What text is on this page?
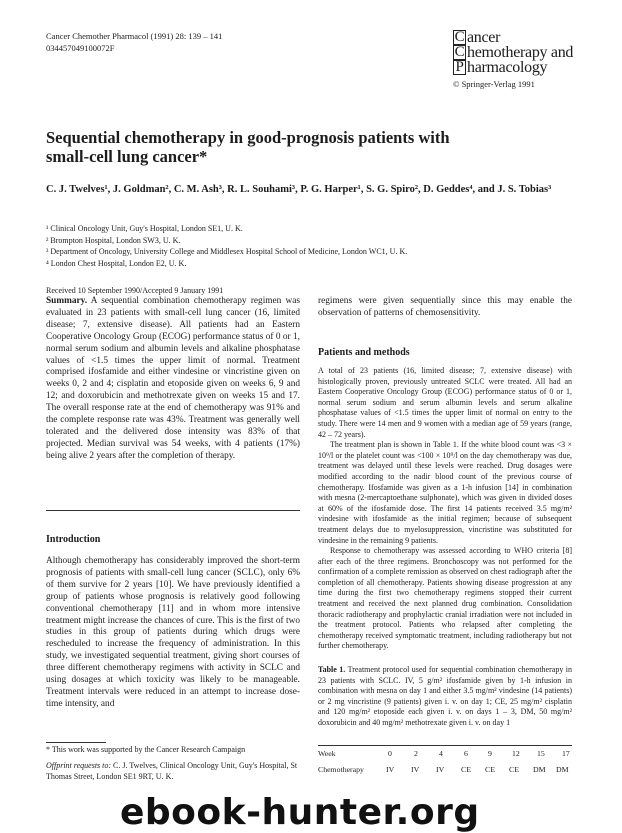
Cancer Chemother Pharmacol (1991) 28: 139 – 141
034457049100072F
C ancer
C hemotherapy and
P harmacology
© Springer-Verlag 1991
Sequential chemotherapy in good-prognosis patients with small-cell lung cancer*
C. J. Twelves¹, J. Goldman², C. M. Ash³, R. L. Souhami³, P. G. Harper¹, S. G. Spiro², D. Geddes⁴, and J. S. Tobias³
¹ Clinical Oncology Unit, Guy's Hospital, London SE1, U. K.
² Brompton Hospital, London SW3, U. K.
³ Department of Oncology, University College and Middlesex Hospital School of Medicine, London WC1, U. K.
⁴ London Chest Hospital, London E2, U. K.
Received 10 September 1990/Accepted 9 January 1991
Summary. A sequential combination chemotherapy regimen was evaluated in 23 patients with small-cell lung cancer (16, limited disease; 7, extensive disease). All patients had an Eastern Cooperative Oncology Group (ECOG) performance status of 0 or 1, normal serum sodium and albumin levels and alkaline phosphatase values of <1.5 times the upper limit of normal. Treatment comprised ifosfamide and either vindesine or vincristine given on weeks 0, 2 and 4; cisplatin and etoposide given on weeks 6, 9 and 12; and doxorubicin and methotrexate given on weeks 15 and 17. The overall response rate at the end of chemotherapy was 91% and the complete response rate was 43%. Treatment was generally well tolerated and the delivered dose intensity was 83% of that projected. Median survival was 54 weeks, with 4 patients (17%) being alive 2 years after the completion of therapy.
Introduction
Although chemotherapy has considerably improved the short-term prognosis of patients with small-cell lung cancer (SCLC), only 6% of them survive for 2 years [10]. We have previously identified a group of patients whose prognosis is relatively good following conventional chemotherapy [11] and in whom more intensive treatment might increase the chances of cure. This is the first of two studies in this group of patients during which drugs were rescheduled to increase the frequency of administration. In this study, we investigated sequential treatment, giving short courses of three different chemotherapy regimens with activity in SCLC and using dosages at which toxicity was likely to be manageable. Treatment intervals were reduced in an attempt to increase dose-time intensity, and
* This work was supported by the Cancer Research Campaign
Offprint requests to: C. J. Twelves, Clinical Oncology Unit, Guy's Hospital, St Thomas Street, London SE1 9RT, U. K.
regimens were given sequentially since this may enable the observation of patterns of chemosensitivity.
Patients and methods
A total of 23 patients (16, limited disease; 7, extensive disease) with histologically proven, previously untreated SCLC were treated. All had an Eastern Cooperative Oncology Group (ECOG) performance status of 0 or 1, normal serum sodium and serum albumin levels and serum alkaline phosphatase values of <1.5 times the upper limit of normal on entry to the study. There were 14 men and 9 women with a median age of 59 years (range, 42 – 72 years).
The treatment plan is shown in Table 1. If the white blood count was <3 × 10⁹/l or the platelet count was <100 × 10⁹/l on the day chemotherapy was due, treatment was delayed until these levels were reached. Drug dosages were modified according to the nadir blood count of the previous course of chemotherapy. Ifosfamide was given as a 1-h infusion [14] in combination with mesna (2-mercaptoethane sulphonate), which was given in divided doses at 60% of the ifosfamide dose. The first 14 patients received 3.5 mg/m² vindesine with ifosfamide as the initial regimen; because of subsequent treatment delays due to myelosuppression, vincristine was substituted for vindesine in the remaining 9 patients.
Response to chemotherapy was assessed according to WHO criteria [8] after each of the three regimens. Bronchoscopy was not performed for the confirmation of a complete remission as observed on chest radiograph after the completion of all chemotherapy. Patients showing disease progression at any time during the first two chemotherapy regimens stopped their current treatment and received the next planned drug combination. Consolidation thoracic radiotherapy and prophylactic cranial irradiation were not included in the treatment protocol. Patients who relapsed after completing the chemotherapy received symptomatic treatment, including radiotherapy but not further chemotherapy.
Table 1. Treatment protocol used for sequential combination chemotherapy in 23 patients with SCLC. IV, 5 g/m² ifosfamide given by 1-h infusion in combination with mesna on day 1 and either 3.5 mg/m² vindesine (14 patients) or 2 mg vincristine (9 patients) given i. v. on day 1; CE, 25 mg/m² cisplatin and 120 mg/m² etoposide each given i. v. on days 1 – 3, DM, 50 mg/m² doxorubicin and 40 mg/m² methotrexate given i. v. on day 1
Week	0	2	4	6	9	12 15 17
Chemotherapy	IV IV IV CE CE CE DM DM
ebook-hunter.org
